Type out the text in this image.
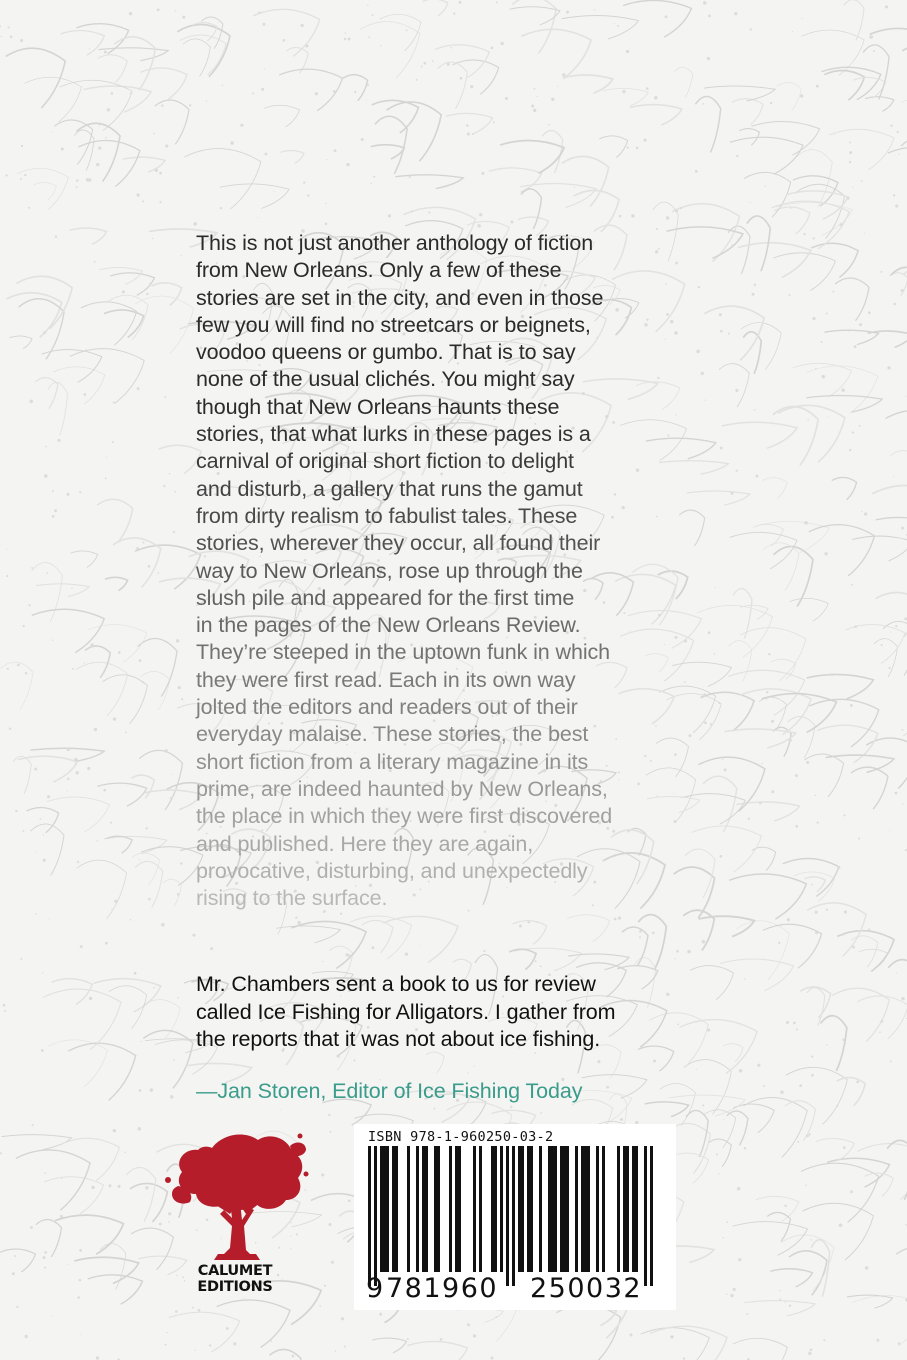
This is not just another anthology of fiction
from New Orleans. Only a few of these
stories are set in the city, and even in those
few you will find no streetcars or beignets,
voodoo queens or gumbo. That is to say
none of the usual clichés. You might say
though that New Orleans haunts these
stories, that what lurks in these pages is a
carnival of original short fiction to delight
and disturb, a gallery that runs the gamut
from dirty realism to fabulist tales. These
stories, wherever they occur, all found their
way to New Orleans, rose up through the
slush pile and appeared for the first time
in the pages of the New Orleans Review.
They’re steeped in the uptown funk in which
they were first read. Each in its own way
jolted the editors and readers out of their
everyday malaise. These stories, the best
short fiction from a literary magazine in its
prime, are indeed haunted by New Orleans,
the place in which they were first discovered
and published. Here they are again,
provocative, disturbing, and unexpectedly
rising to the surface.
Mr. Chambers sent a book to us for review
called Ice Fishing for Alligators. I gather from
the reports that it was not about ice fishing.
—Jan Storen, Editor of Ice Fishing Today
CALUMET
EDITIONS
ISBN 978-1-960250-03-2
9 781960 250032
